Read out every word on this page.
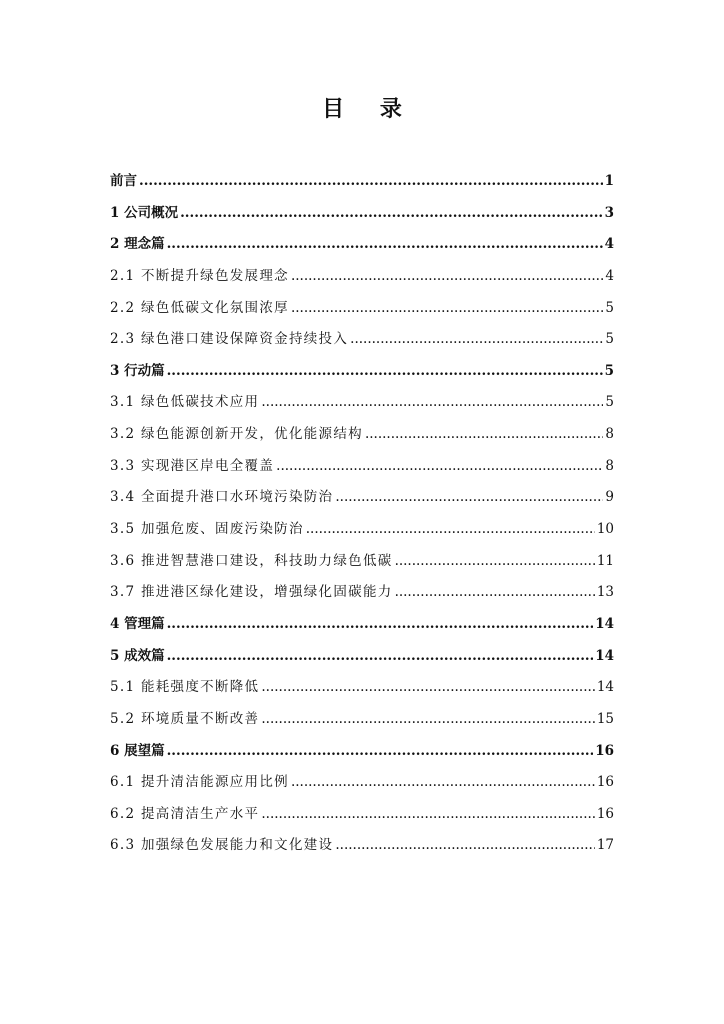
目 录
前言 .....	1
1 公司概况 .....	3
2 理念篇 .....	4
2.1 不断提升绿色发展理念 .....	4
2.2 绿色低碳文化氛围浓厚 .....	5
2.3 绿色港口建设保障资金持续投入 .....	5
3 行动篇 .....	5
3.1 绿色低碳技术应用 .....	5
3.2 绿色能源创新开发，优化能源结构 .....	8
3.3 实现港区岸电全覆盖 .....	8
3.4 全面提升港口水环境污染防治 .....	9
3.5 加强危废、固废污染防治 .....	10
3.6 推进智慧港口建设，科技助力绿色低碳 .....	11
3.7 推进港区绿化建设，增强绿化固碳能力 .....	13
4 管理篇 .....	14
5 成效篇 .....	14
5.1 能耗强度不断降低 .....	14
5.2 环境质量不断改善 .....	15
6 展望篇 .....	16
6.1 提升清洁能源应用比例 .....	16
6.2 提高清洁生产水平 .....	16
6.3 加强绿色发展能力和文化建设 .....	17
